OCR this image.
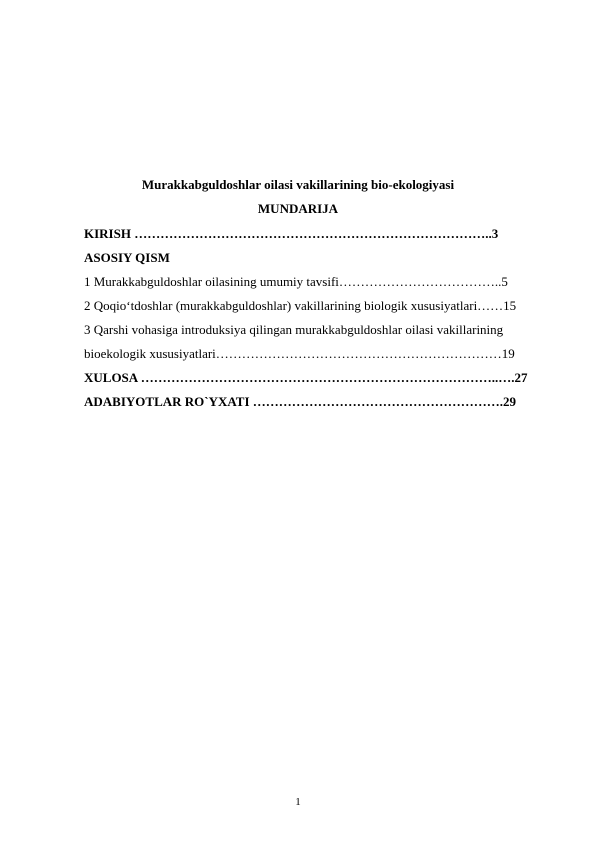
Murakkabguldoshlar oilasi vakillarining bio-ekologiyasi
MUNDARIJA
KIRISH ………………………………………………………………………..3
ASOSIY QISM
1 Murakkabguldoshlar oilasining umumiy tavsifi………………………………..5
2 Qoqio‘tdoshlar (murakkabguldoshlar) vakillarining biologik xususiyatlari……15
3 Qarshi vohasiga introduksiya qilingan murakkabguldoshlar oilasi vakillarining
bioekologik xususiyatlari…………………………………………………………19
XULOSA ………………………………………………………………………..….27
ADABIYOTLAR RO`YXATI ………………………………………………….29
1
